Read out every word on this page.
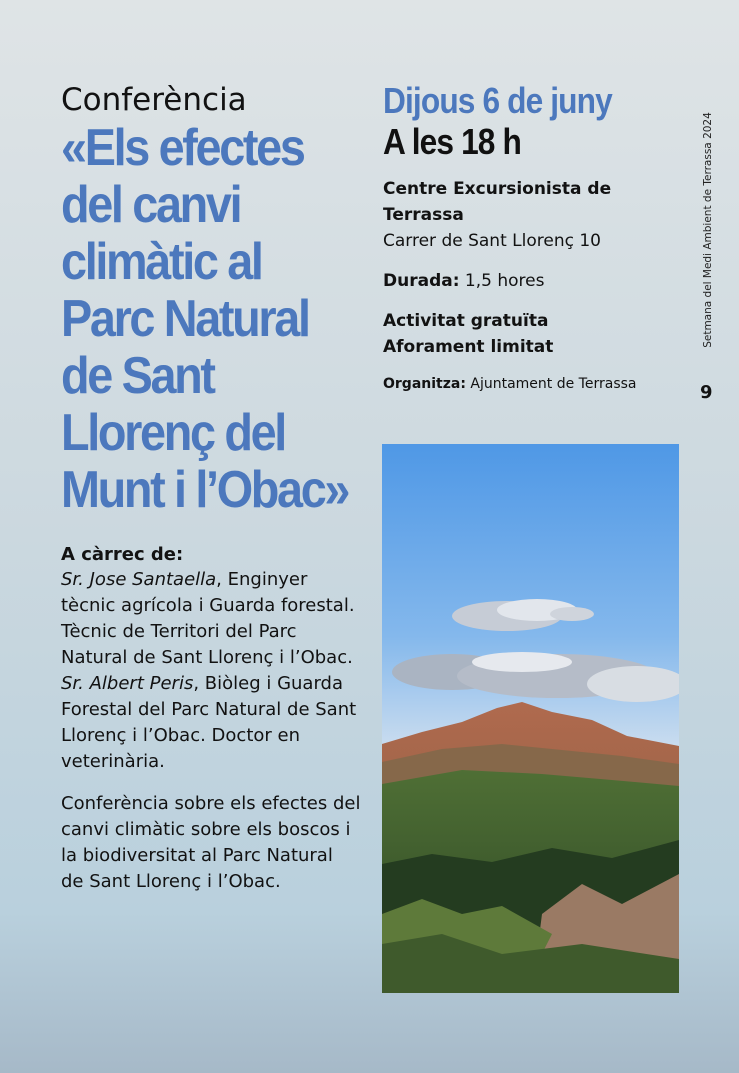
Conferència

«Els efectes
del canvi
climàtic al
Parc Natural
de Sant
Llorenç del
Munt i l’Obac»
A càrrec de:

Sr. Jose Santaella, Enginyer tècnic agrícola i Guarda forestal. Tècnic de Territori del Parc Natural de Sant Llorenç i l’Obac. Sr. Albert Peris, Biòleg i Guarda Forestal del Parc Natural de Sant Llorenç i l’Obac. Doctor en veterinària.

Conferència sobre els efectes del canvi climàtic sobre els boscos i la biodiversitat al Parc Natural de Sant Llorenç i l’Obac.
Dijous 6 de juny
A les 18 h
Centre Excursionista de Terrassa
Carrer de Sant Llorenç 10
Durada: 1,5 hores
Activitat gratuïta
Aforament limitat
Organitza: Ajuntament de Terrassa
Setmana del Medi Ambient de Terrassa 2024
9
